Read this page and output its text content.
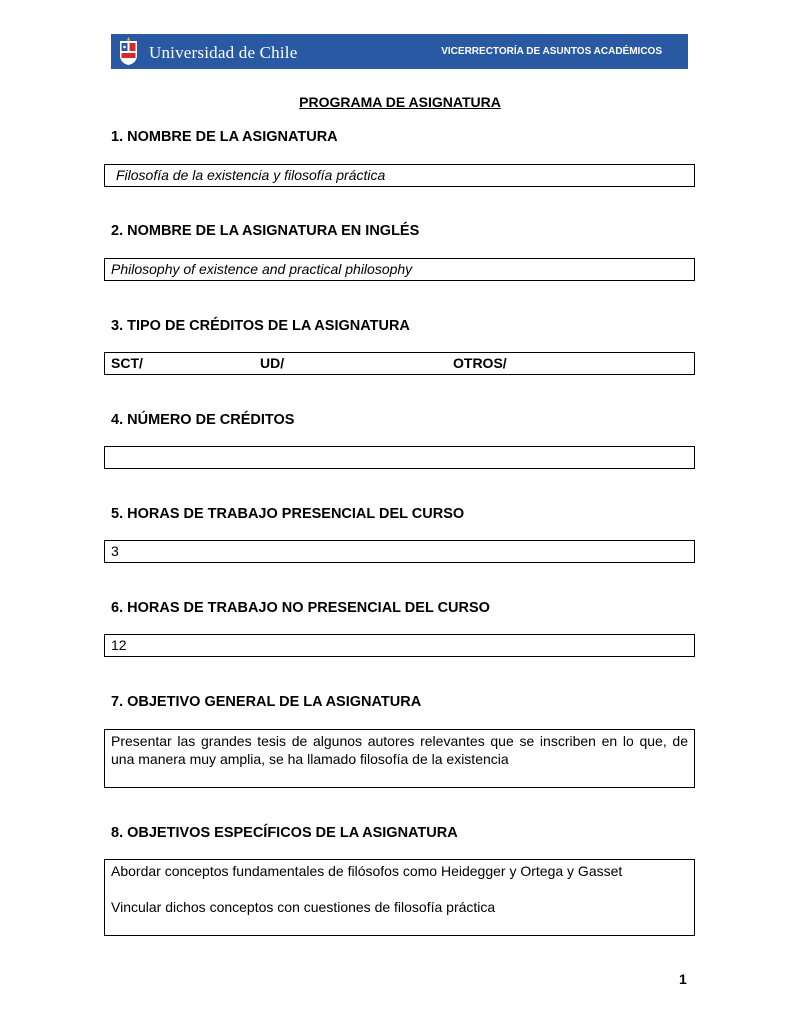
Universidad de Chile	VICERRECTORÍA DE ASUNTOS ACADÉMICOS
PROGRAMA DE ASIGNATURA
1. NOMBRE DE LA ASIGNATURA
Filosofía de la existencia y filosofía práctica
2. NOMBRE DE LA ASIGNATURA EN INGLÉS
Philosophy of existence and practical philosophy
3. TIPO DE CRÉDITOS DE LA ASIGNATURA
SCT/	UD/	OTROS/
4. NÚMERO DE CRÉDITOS
5. HORAS DE TRABAJO PRESENCIAL DEL CURSO
3
6. HORAS DE TRABAJO NO PRESENCIAL DEL CURSO
12
7. OBJETIVO GENERAL DE LA ASIGNATURA

Presentar las grandes tesis de algunos autores relevantes que se inscriben en lo que, de una manera muy amplia, se ha llamado filosofía de la existencia

8. OBJETIVOS ESPECÍFICOS DE LA ASIGNATURA

Abordar conceptos fundamentales de filósofos como Heidegger y Ortega y Gasset

Vincular dichos conceptos con cuestiones de filosofía práctica

1
